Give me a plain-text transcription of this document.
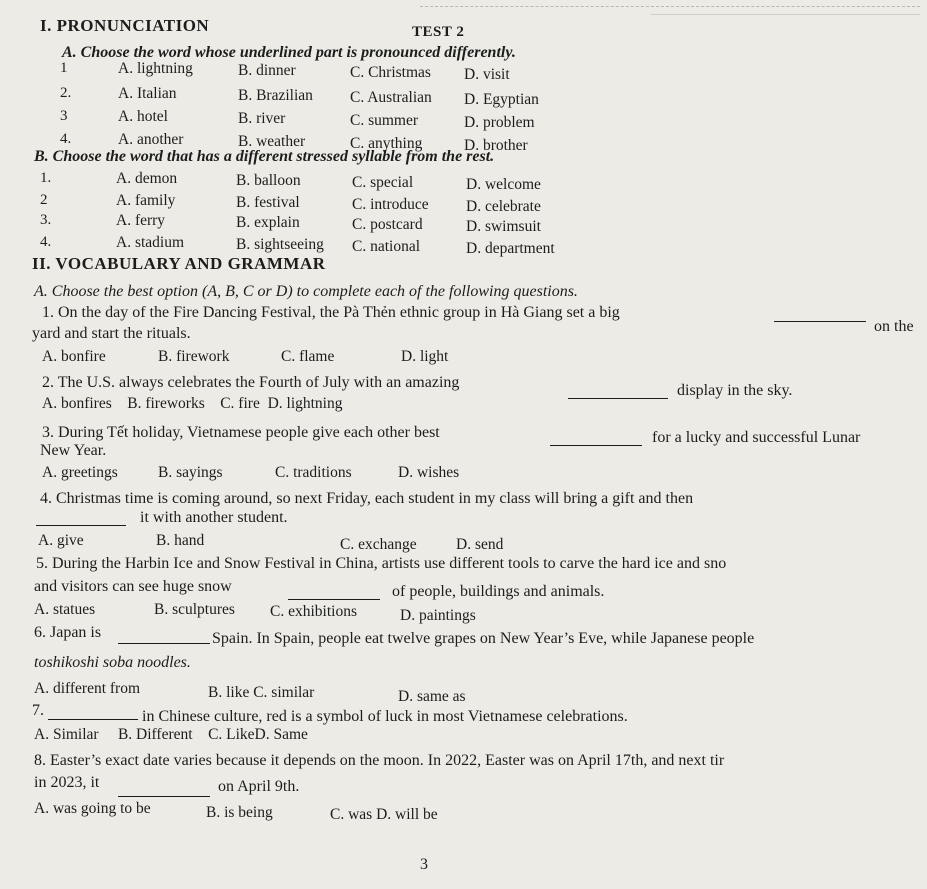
I. PRONUNCIATION	TEST 2
A. Choose the word whose underlined part is pronounced differently.
1	A. lightning	B. dinner	C. Christmas D. visit
2.	A. Italian	B. Brazilian C. Australian D. Egyptian
3	A. hotel	B. river	C. summer	D. problem
4.	A. another	B. weather	C. anything	D. brother
B. Choose the word that has a different stressed syllable from the rest.
1.	A. demon	B. balloon	C. special	D. welcome
2	A. family	B. festival	C. introduce D. celebrate
3.	A. ferry	B. explain	C. postcard	D. swimsuit
4.	A. stadium	B. sightseeing C. national	D. department
II. VOCABULARY AND GRAMMAR
A. Choose the best option (A, B, C or D) to complete each of the following questions.
1. On the day of the Fire Dancing Festival, the Pà Thẻn ethnic group in Hà Giang set a big
on the
yard and start the rituals.
A. bonfire	B. firework	C. flame	D. light
2. The U.S. always celebrates the Fourth of July with an amazing	display in the sky.
A. bonfires    B. fireworks    C. fire  D. lightning
3. During Tết holiday, Vietnamese people give each other best	for a lucky and successful Lunar
New Year.
A. greetings	B. sayings	C. traditions	D. wishes
4. Christmas time is coming around, so next Friday, each student in my class will bring a gift and then
it with another student.
A. give	B. hand	C. exchange	D. send
5. During the Harbin Ice and Snow Festival in China, artists use different tools to carve the hard ice and sno
and visitors can see huge snow	of people, buildings and animals.
A. statues	B. sculptures C. exhibitions	D. paintings
6. Japan is	Spain. In Spain, people eat twelve grapes on New Year’s Eve, while Japanese people
toshikoshi soba noodles.
A. different from	B. like C. similar	D. same as
7.	in Chinese culture, red is a symbol of luck in most Vietnamese celebrations.
A. Similar     B. Different    C. LikeD. Same
8. Easter’s exact date varies because it depends on the moon. In 2022, Easter was on April 17th, and next tir
in 2023, it	on April 9th.
A. was going to be	B. is being	C. was D. will be
3
